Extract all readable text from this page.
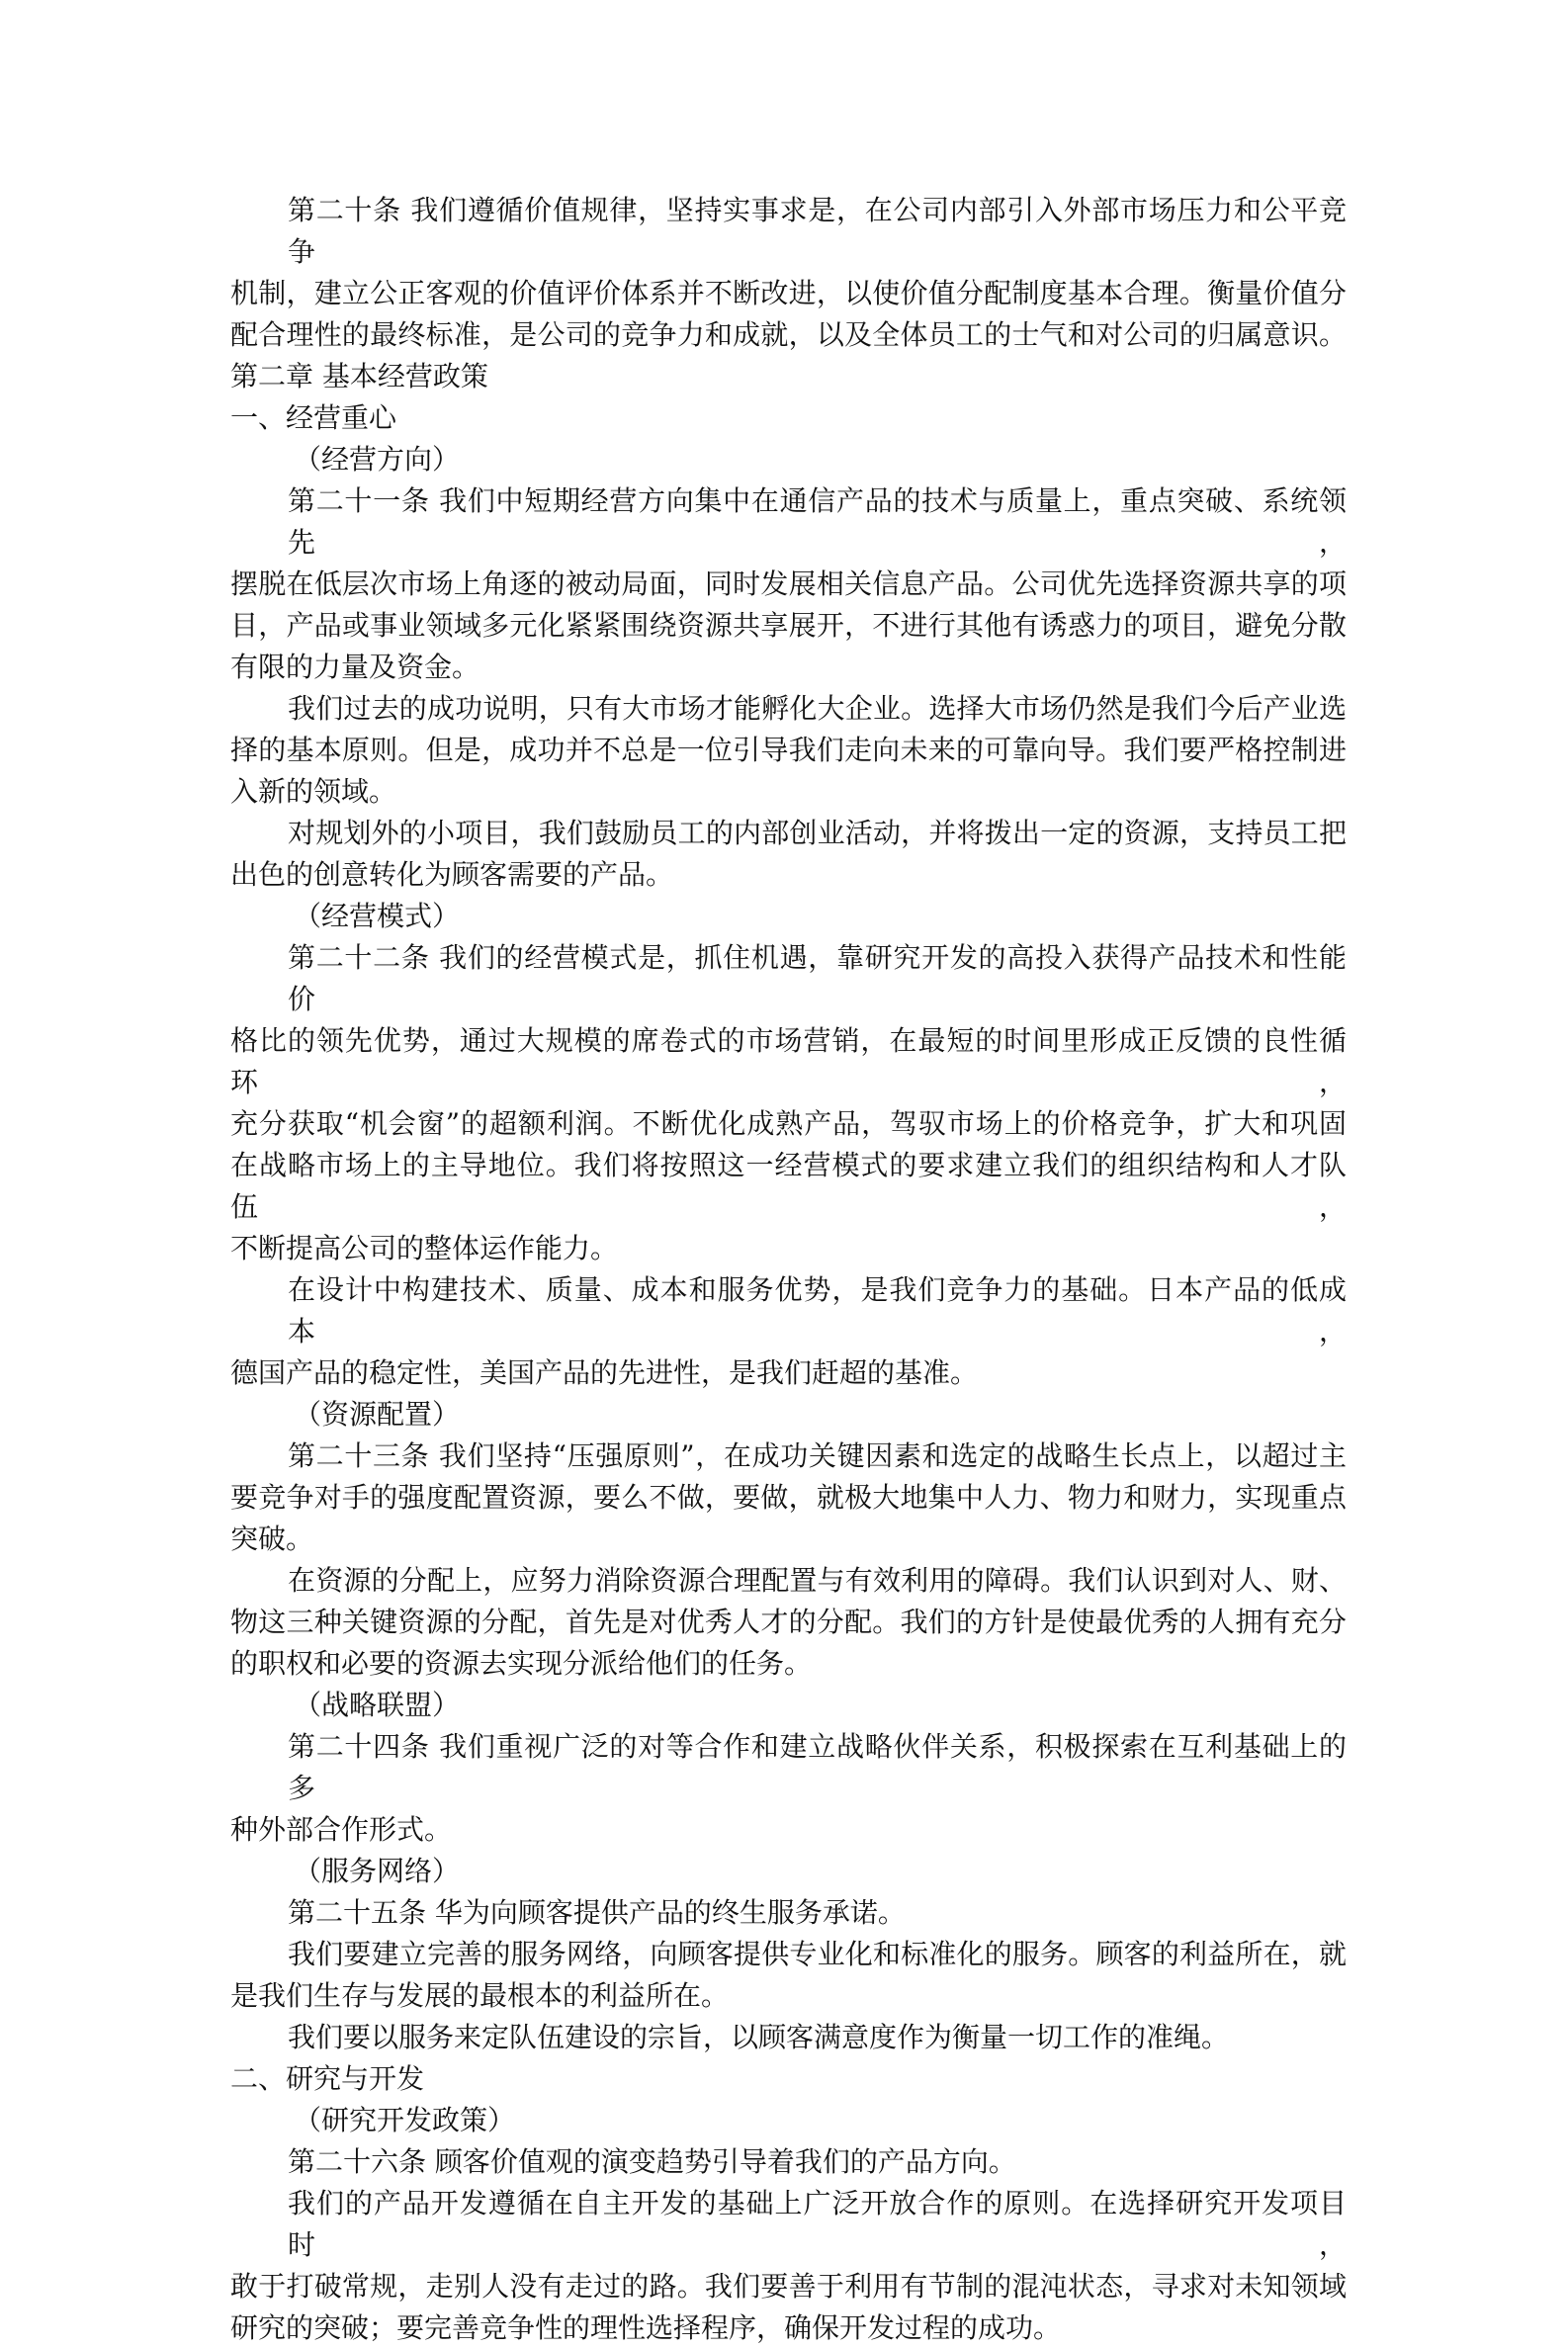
第二十条 我们遵循价值规律，坚持实事求是，在公司内部引入外部市场压力和公平竞争
机制，建立公正客观的价值评价体系并不断改进，以使价值分配制度基本合理。衡量价值分
配合理性的最终标准，是公司的竞争力和成就，以及全体员工的士气和对公司的归属意识。
第二章 基本经营政策
一、经营重心
（经营方向）
第二十一条 我们中短期经营方向集中在通信产品的技术与质量上，重点突破、系统领先，
摆脱在低层次市场上角逐的被动局面，同时发展相关信息产品。公司优先选择资源共享的项
目，产品或事业领域多元化紧紧围绕资源共享展开，不进行其他有诱惑力的项目，避免分散
有限的力量及资金。
我们过去的成功说明，只有大市场才能孵化大企业。选择大市场仍然是我们今后产业选
择的基本原则。但是，成功并不总是一位引导我们走向未来的可靠向导。我们要严格控制进
入新的领域。
对规划外的小项目，我们鼓励员工的内部创业活动，并将拨出一定的资源，支持员工把
出色的创意转化为顾客需要的产品。
（经营模式）
第二十二条 我们的经营模式是，抓住机遇，靠研究开发的高投入获得产品技术和性能价
格比的领先优势，通过大规模的席卷式的市场营销，在最短的时间里形成正反馈的良性循环，
充分获取“机会窗”的超额利润。不断优化成熟产品，驾驭市场上的价格竞争，扩大和巩固
在战略市场上的主导地位。我们将按照这一经营模式的要求建立我们的组织结构和人才队伍，
不断提高公司的整体运作能力。
在设计中构建技术、质量、成本和服务优势，是我们竞争力的基础。日本产品的低成本，
德国产品的稳定性，美国产品的先进性，是我们赶超的基准。
（资源配置）
第二十三条 我们坚持“压强原则”，在成功关键因素和选定的战略生长点上，以超过主
要竞争对手的强度配置资源，要么不做，要做，就极大地集中人力、物力和财力，实现重点
突破。
在资源的分配上，应努力消除资源合理配置与有效利用的障碍。我们认识到对人、财、
物这三种关键资源的分配，首先是对优秀人才的分配。我们的方针是使最优秀的人拥有充分
的职权和必要的资源去实现分派给他们的任务。
（战略联盟）
第二十四条 我们重视广泛的对等合作和建立战略伙伴关系，积极探索在互利基础上的多
种外部合作形式。
（服务网络）
第二十五条 华为向顾客提供产品的终生服务承诺。
我们要建立完善的服务网络，向顾客提供专业化和标准化的服务。顾客的利益所在，就
是我们生存与发展的最根本的利益所在。
我们要以服务来定队伍建设的宗旨，以顾客满意度作为衡量一切工作的准绳。
二、研究与开发
（研究开发政策）
第二十六条 顾客价值观的演变趋势引导着我们的产品方向。
我们的产品开发遵循在自主开发的基础上广泛开放合作的原则。在选择研究开发项目时，
敢于打破常规，走别人没有走过的路。我们要善于利用有节制的混沌状态，寻求对未知领域
研究的突破；要完善竞争性的理性选择程序，确保开发过程的成功。
